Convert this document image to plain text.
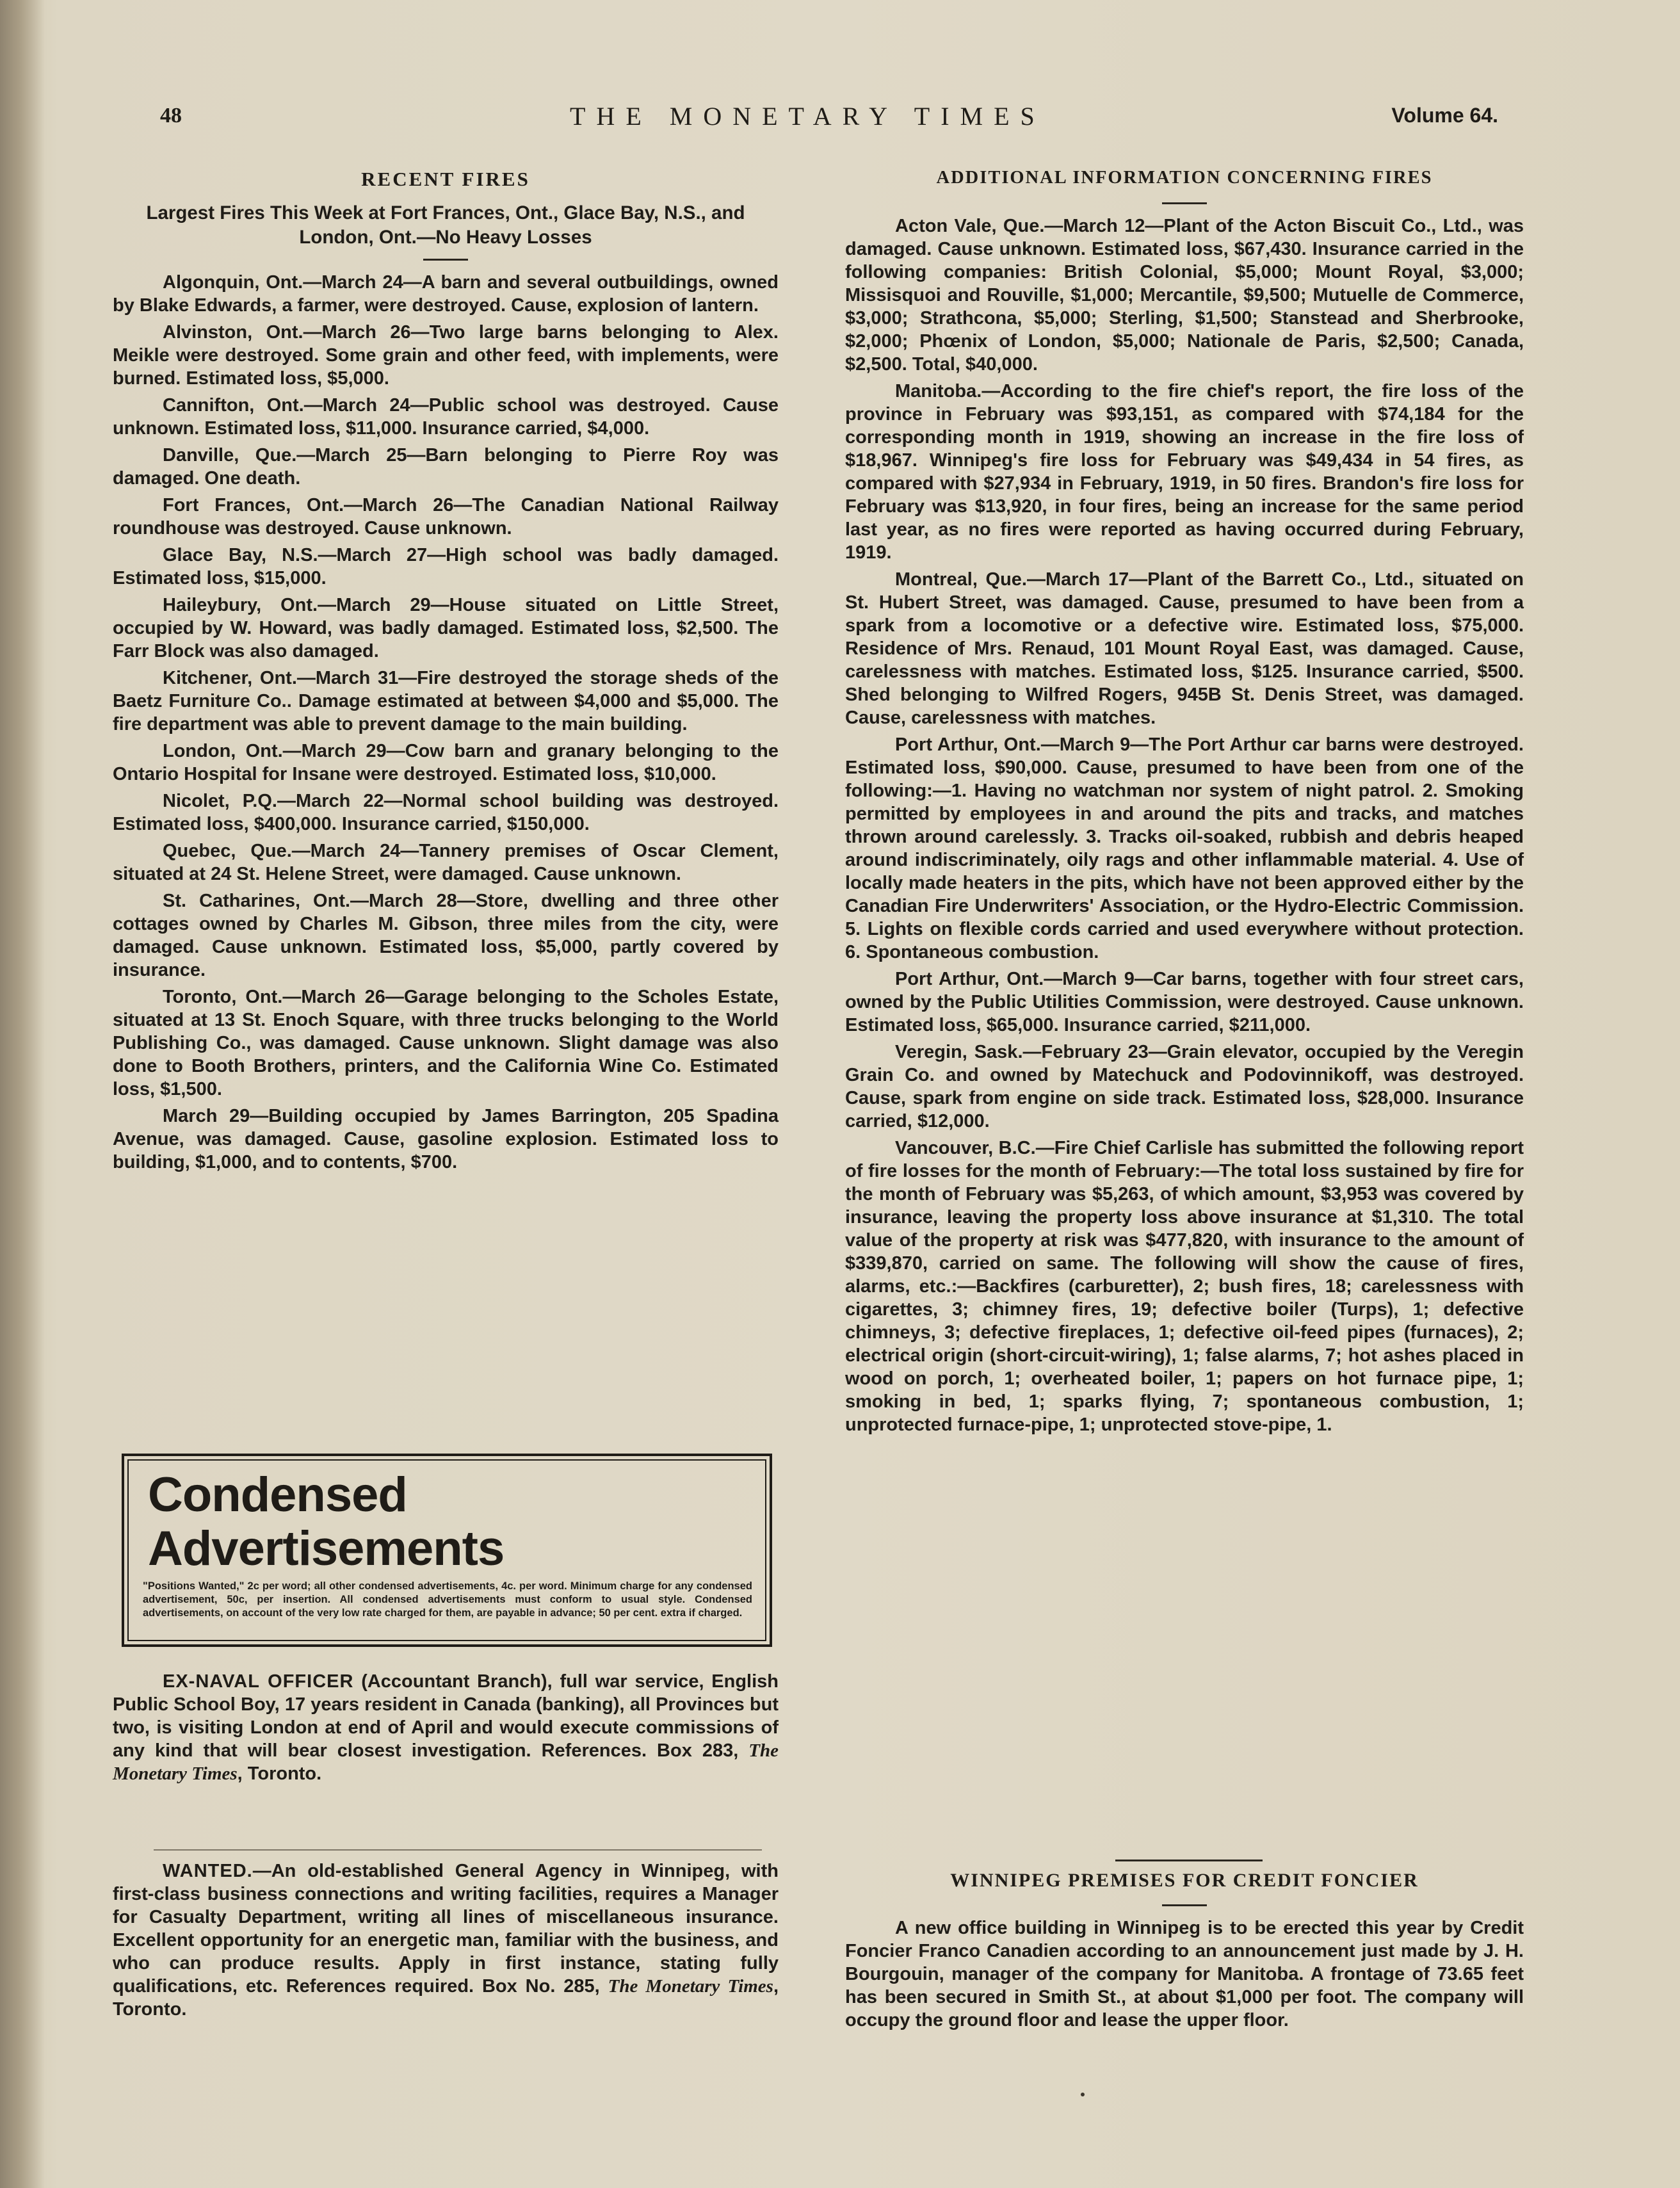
48	THE MONETARY TIMES	Volume 64.
RECENT FIRES

Largest Fires This Week at Fort Frances, Ont., Glace Bay, N.S., and London, Ont.—No Heavy Losses

Algonquin, Ont.—March 24—A barn and several outbuildings, owned by Blake Edwards, a farmer, were destroyed. Cause, explosion of lantern.

Alvinston, Ont.—March 26—Two large barns belonging to Alex. Meikle were destroyed. Some grain and other feed, with implements, were burned. Estimated loss, $5,000.

Cannifton, Ont.—March 24—Public school was destroyed. Cause unknown. Estimated loss, $11,000. Insurance carried, $4,000.

Danville, Que.—March 25—Barn belonging to Pierre Roy was damaged. One death.

Fort Frances, Ont.—March 26—The Canadian National Railway roundhouse was destroyed. Cause unknown.

Glace Bay, N.S.—March 27—High school was badly damaged. Estimated loss, $15,000.

Haileybury, Ont.—March 29—House situated on Little Street, occupied by W. Howard, was badly damaged. Estimated loss, $2,500. The Farr Block was also damaged.

Kitchener, Ont.—March 31—Fire destroyed the storage sheds of the Baetz Furniture Co.. Damage estimated at between $4,000 and $5,000. The fire department was able to prevent damage to the main building.

London, Ont.—March 29—Cow barn and granary belonging to the Ontario Hospital for Insane were destroyed. Estimated loss, $10,000.

Nicolet, P.Q.—March 22—Normal school building was destroyed. Estimated loss, $400,000. Insurance carried, $150,000.

Quebec, Que.—March 24—Tannery premises of Oscar Clement, situated at 24 St. Helene Street, were damaged. Cause unknown.

St. Catharines, Ont.—March 28—Store, dwelling and three other cottages owned by Charles M. Gibson, three miles from the city, were damaged. Cause unknown. Estimated loss, $5,000, partly covered by insurance.

Toronto, Ont.—March 26—Garage belonging to the Scholes Estate, situated at 13 St. Enoch Square, with three trucks belonging to the World Publishing Co., was damaged. Cause unknown. Slight damage was also done to Booth Brothers, printers, and the California Wine Co. Estimated loss, $1,500.

March 29—Building occupied by James Barrington, 205 Spadina Avenue, was damaged. Cause, gasoline explosion. Estimated loss to building, $1,000, and to contents, $700.

Condensed Advertisements

"Positions Wanted," 2c per word; all other condensed advertisements, 4c. per word. Minimum charge for any condensed advertisement, 50c, per insertion. All condensed advertisements must conform to usual style. Condensed advertisements, on account of the very low rate charged for them, are payable in advance; 50 per cent. extra if charged.

EX-NAVAL OFFICER (Accountant Branch), full war service, English Public School Boy, 17 years resident in Canada (banking), all Provinces but two, is visiting London at end of April and would execute commissions of any kind that will bear closest investigation. References. Box 283, The Monetary Times, Toronto.
WANTED.—An old-established General Agency in Winnipeg, with first-class business connections and writing facilities, requires a Manager for Casualty Department, writing all lines of miscellaneous insurance. Excellent opportunity for an energetic man, familiar with the business, and who can produce results. Apply in first instance, stating fully qualifications, etc. References required. Box No. 285, The Monetary Times, Toronto.
ADDITIONAL INFORMATION CONCERNING FIRES

Acton Vale, Que.—March 12—Plant of the Acton Biscuit Co., Ltd., was damaged. Cause unknown. Estimated loss, $67,430. Insurance carried in the following companies: British Colonial, $5,000; Mount Royal, $3,000; Missisquoi and Rouville, $1,000; Mercantile, $9,500; Mutuelle de Commerce, $3,000; Strathcona, $5,000; Sterling, $1,500; Stanstead and Sherbrooke, $2,000; Phœnix of London, $5,000; Nationale de Paris, $2,500; Canada, $2,500. Total, $40,000.

Manitoba.—According to the fire chief's report, the fire loss of the province in February was $93,151, as compared with $74,184 for the corresponding month in 1919, showing an increase in the fire loss of $18,967. Winnipeg's fire loss for February was $49,434 in 54 fires, as compared with $27,934 in February, 1919, in 50 fires. Brandon's fire loss for February was $13,920, in four fires, being an increase for the same period last year, as no fires were reported as having occurred during February, 1919.

Montreal, Que.—March 17—Plant of the Barrett Co., Ltd., situated on St. Hubert Street, was damaged. Cause, presumed to have been from a spark from a locomotive or a defective wire. Estimated loss, $75,000. Residence of Mrs. Renaud, 101 Mount Royal East, was damaged. Cause, carelessness with matches. Estimated loss, $125. Insurance carried, $500. Shed belonging to Wilfred Rogers, 945B St. Denis Street, was damaged. Cause, carelessness with matches.

Port Arthur, Ont.—March 9—The Port Arthur car barns were destroyed. Estimated loss, $90,000. Cause, presumed to have been from one of the following:—1. Having no watchman nor system of night patrol. 2. Smoking permitted by employees in and around the pits and tracks, and matches thrown around carelessly. 3. Tracks oil-soaked, rubbish and debris heaped around indiscriminately, oily rags and other inflammable material. 4. Use of locally made heaters in the pits, which have not been approved either by the Canadian Fire Underwriters' Association, or the Hydro-Electric Commission. 5. Lights on flexible cords carried and used everywhere without protection. 6. Spontaneous combustion.

Port Arthur, Ont.—March 9—Car barns, together with four street cars, owned by the Public Utilities Commission, were destroyed. Cause unknown. Estimated loss, $65,000. Insurance carried, $211,000.

Veregin, Sask.—February 23—Grain elevator, occupied by the Veregin Grain Co. and owned by Matechuck and Podovinnikoff, was destroyed. Cause, spark from engine on side track. Estimated loss, $28,000. Insurance carried, $12,000.

Vancouver, B.C.—Fire Chief Carlisle has submitted the following report of fire losses for the month of February:—The total loss sustained by fire for the month of February was $5,263, of which amount, $3,953 was covered by insurance, leaving the property loss above insurance at $1,310. The total value of the property at risk was $477,820, with insurance to the amount of $339,870, carried on same. The following will show the cause of fires, alarms, etc.:—Backfires (carburetter), 2; bush fires, 18; carelessness with cigarettes, 3; chimney fires, 19; defective boiler (Turps), 1; defective chimneys, 3; defective fireplaces, 1; defective oil-feed pipes (furnaces), 2; electrical origin (short-circuit-wiring), 1; false alarms, 7; hot ashes placed in wood on porch, 1; overheated boiler, 1; papers on hot furnace pipe, 1; smoking in bed, 1; sparks flying, 7; spontaneous combustion, 1; unprotected furnace-pipe, 1; unprotected stove-pipe, 1.

WINNIPEG PREMISES FOR CREDIT FONCIER

A new office building in Winnipeg is to be erected this year by Credit Foncier Franco Canadien according to an announcement just made by J. H. Bourgouin, manager of the company for Manitoba. A frontage of 73.65 feet has been secured in Smith St., at about $1,000 per foot. The company will occupy the ground floor and lease the upper floor.
